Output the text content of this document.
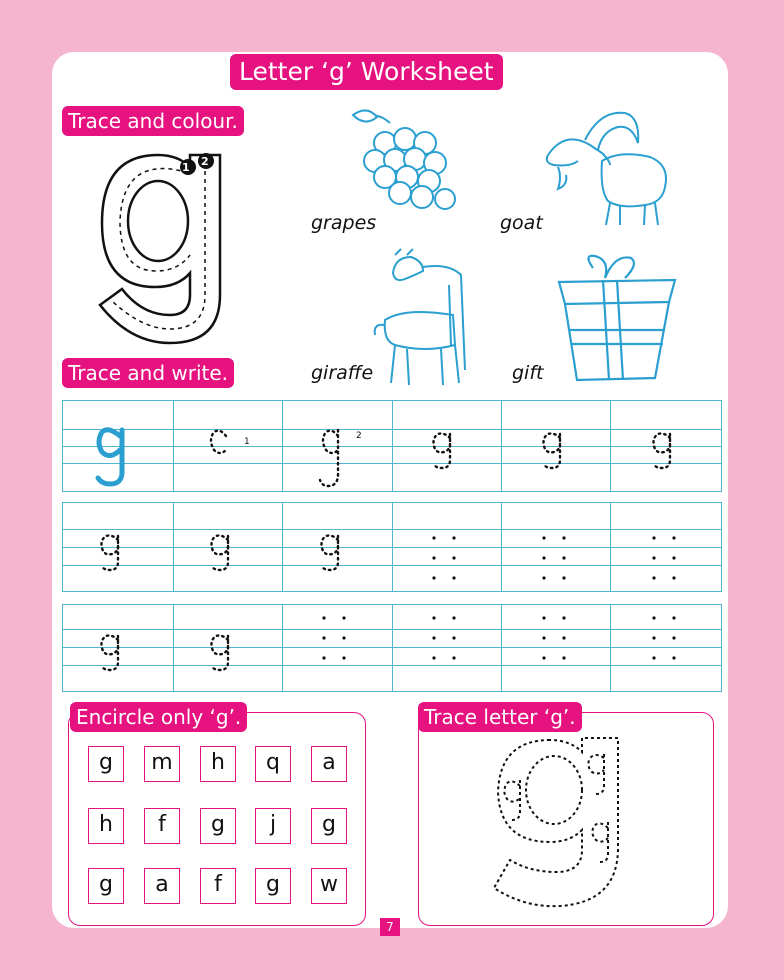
Letter ‘g’ Worksheet
Trace and colour.
1 2
grapes	goat
giraffe	gift
Trace and write.
1
2
Encircle only ‘g’.
g	m	h	q	a
h	f	g	j	g
g	a	f	g	w
Trace letter ‘g’.
7
